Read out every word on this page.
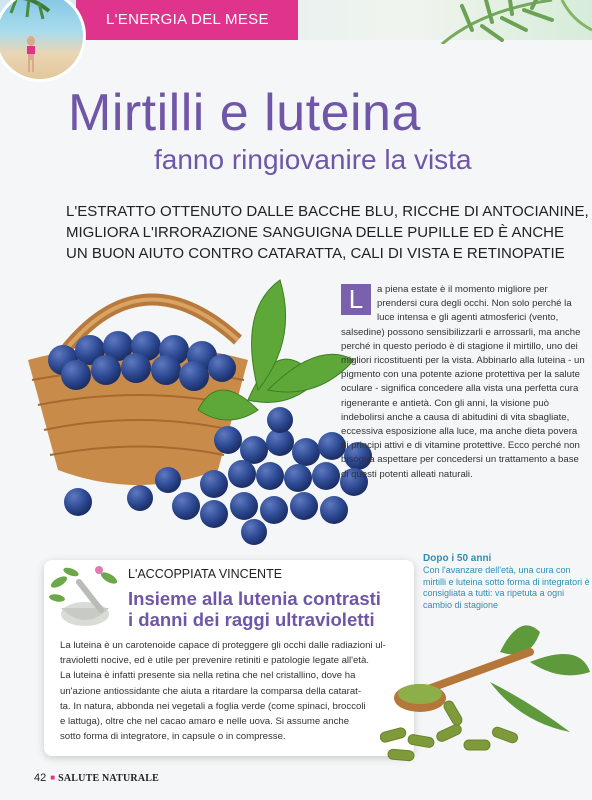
L'ENERGIA DEL MESE
Mirtilli e luteina
fanno ringiovanire la vista

L'ESTRATTO OTTENUTO DALLE BACCHE BLU, RICCHE DI ANTOCIANINE,

MIGLIORA L'IRRORAZIONE SANGUIGNA DELLE PUPILLE ED È ANCHE

UN BUON AIUTO CONTRO CATARATTA, CALI DI VISTA E RETINOPATIE

L	a piena estate è il momento migliore per prendersi cura degli occhi. Non solo perché la luce intensa e gli agenti atmosferici (vento, salsedine) possono sensibilizzarli e arrossarli, ma anche perché in questo periodo è di stagione il mirtillo, uno dei migliori ricostituenti per la vista. Abbinarlo alla luteina - un pigmento con una potente azione protettiva per la salute oculare - significa concedere alla vista una perfetta cura rigenerante e antietà. Con gli anni, la visione può indebolirsi anche a causa di abitudini di vita sbagliate, eccessiva esposizione alla luce, ma anche dieta povera di principi attivi e di vitamine protettive. Ecco perché non bisogna aspettare per concedersi un trattamento a base di questi potenti alleati naturali.
L'ACCOPPIATA VINCENTE
Insieme alla lutenia contrasti
i danni dei raggi ultravioletti

La luteina è un carotenoide capace di proteggere gli occhi dalle radiazioni ul-

travioletti nocive, ed è utile per prevenire retiniti e patologie legate all'età.

La luteina è infatti presente sia nella retina che nel cristallino, dove ha

un'azione antiossidante che aiuta a ritardare la comparsa della catarat-

ta. In natura, abbonda nei vegetali a foglia verde (come spinaci, broccoli

e lattuga), oltre che nel cacao amaro e nelle uova. Si assume anche

sotto forma di integratore, in capsule o in compresse.

Dopo i 50 anni
Con l'avanzare dell'età, una cura con mirtilli e luteina sotto forma di integratori è consigliata a tutti: va ripetuta a ogni cambio di stagione
42 ■ SALUTE NATURALE
